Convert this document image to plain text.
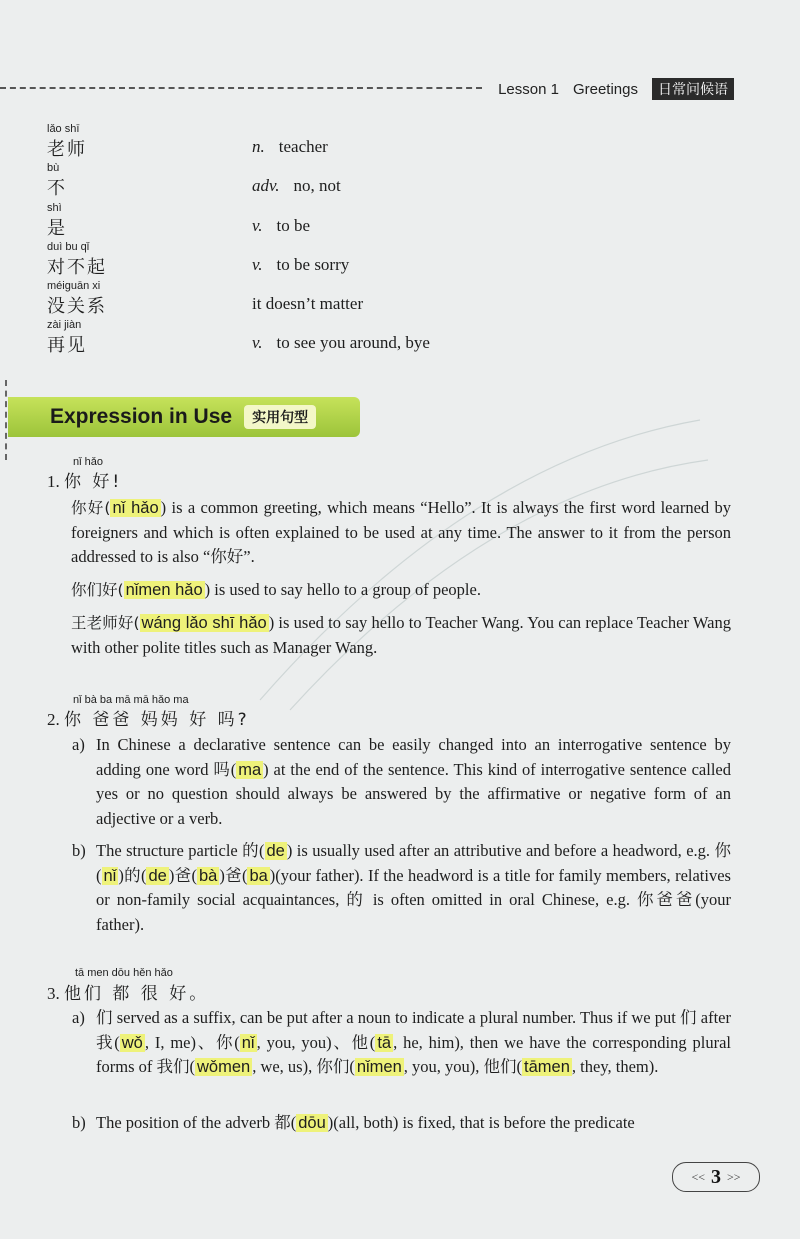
Lesson 1 Greetings	日常问候语
lǎo shī
老师	n. teacher
bù
不	adv. no, not
shì
是	v. to be
duì bu qǐ
对不起	v. to be sorry
méiguān xi
没关系	it doesn’t matter
zài jiàn
再见	v. to see you around, bye
Expression in Use	实用句型
nǐ hǎo
1. 你 好!
你好( nǐ hǎo ) is a common greeting, which means “Hello”. It is always the first word learned by foreigners and which is often explained to be used at any time. The answer to it from the person addressed to is also “你好”.
你们好( nǐmen hǎo ) is used to say hello to a group of people.
王老师好( wáng lǎo shī hǎo ) is used to say hello to Teacher Wang. You can replace Teacher Wang with other polite titles such as Manager Wang.
nǐ bà ba mā mā hǎo ma
2. 你 爸爸 妈妈 好 吗?
a) In Chinese a declarative sentence can be easily changed into an interrogative sentence by adding one word 吗( ma ) at the end of the sentence. This kind of interrogative sentence called yes or no question should always be answered by the affirmative or negative form of an adjective or a verb.
b) The structure particle 的( de ) is usually used after an attributive and before a headword, e.g. 你( nǐ )的( de )爸( bà )爸( ba )(your father). If the headword is a title for family members, relatives or non-family social acquaintances, 的 is often omitted in oral Chinese, e.g. 你爸爸(your father).
tā men dōu hěn hǎo
3. 他们 都 很 好。
a) 们 served as a suffix, can be put after a noun to indicate a plural number. Thus if we put 们 after 我( wǒ , I, me)、你( nǐ , you, you)、他( tā , he, him), then we have the corresponding plural forms of 我们( wǒmen , we, us), 你们( nǐmen , you, you), 他们( tāmen , they, them).
b) The position of the adverb 都( dōu )(all, both) is fixed, that is before the predicate
<< 3 >>
